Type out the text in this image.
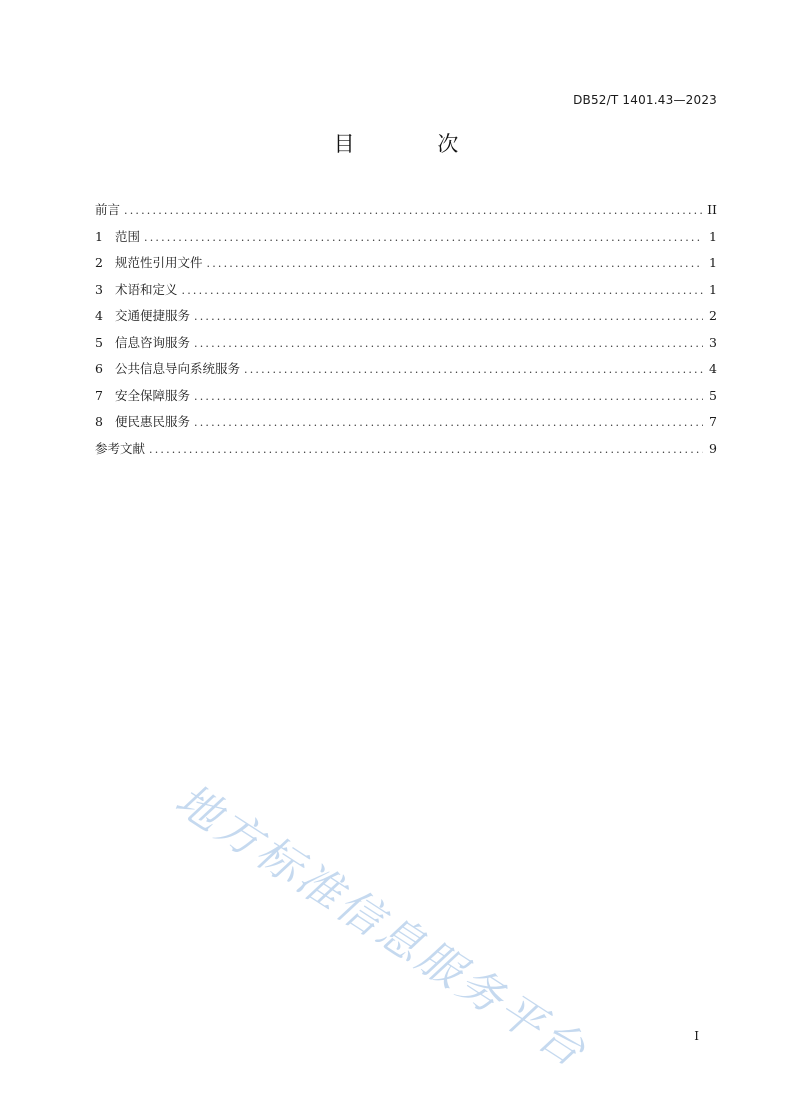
DB52/T 1401.43—2023
目 次
前言 .....	II
1 范围 .....	1
2 规范性引用文件 .....	1
3 术语和定义 .....	1
4 交通便捷服务 .....	2
5 信息咨询服务 .....	3
6 公共信息导向系统服务 .....	4
7 安全保障服务 .....	5
8 便民惠民服务 .....	7
参考文献 .....	9
地方标准信息服务平台	I
